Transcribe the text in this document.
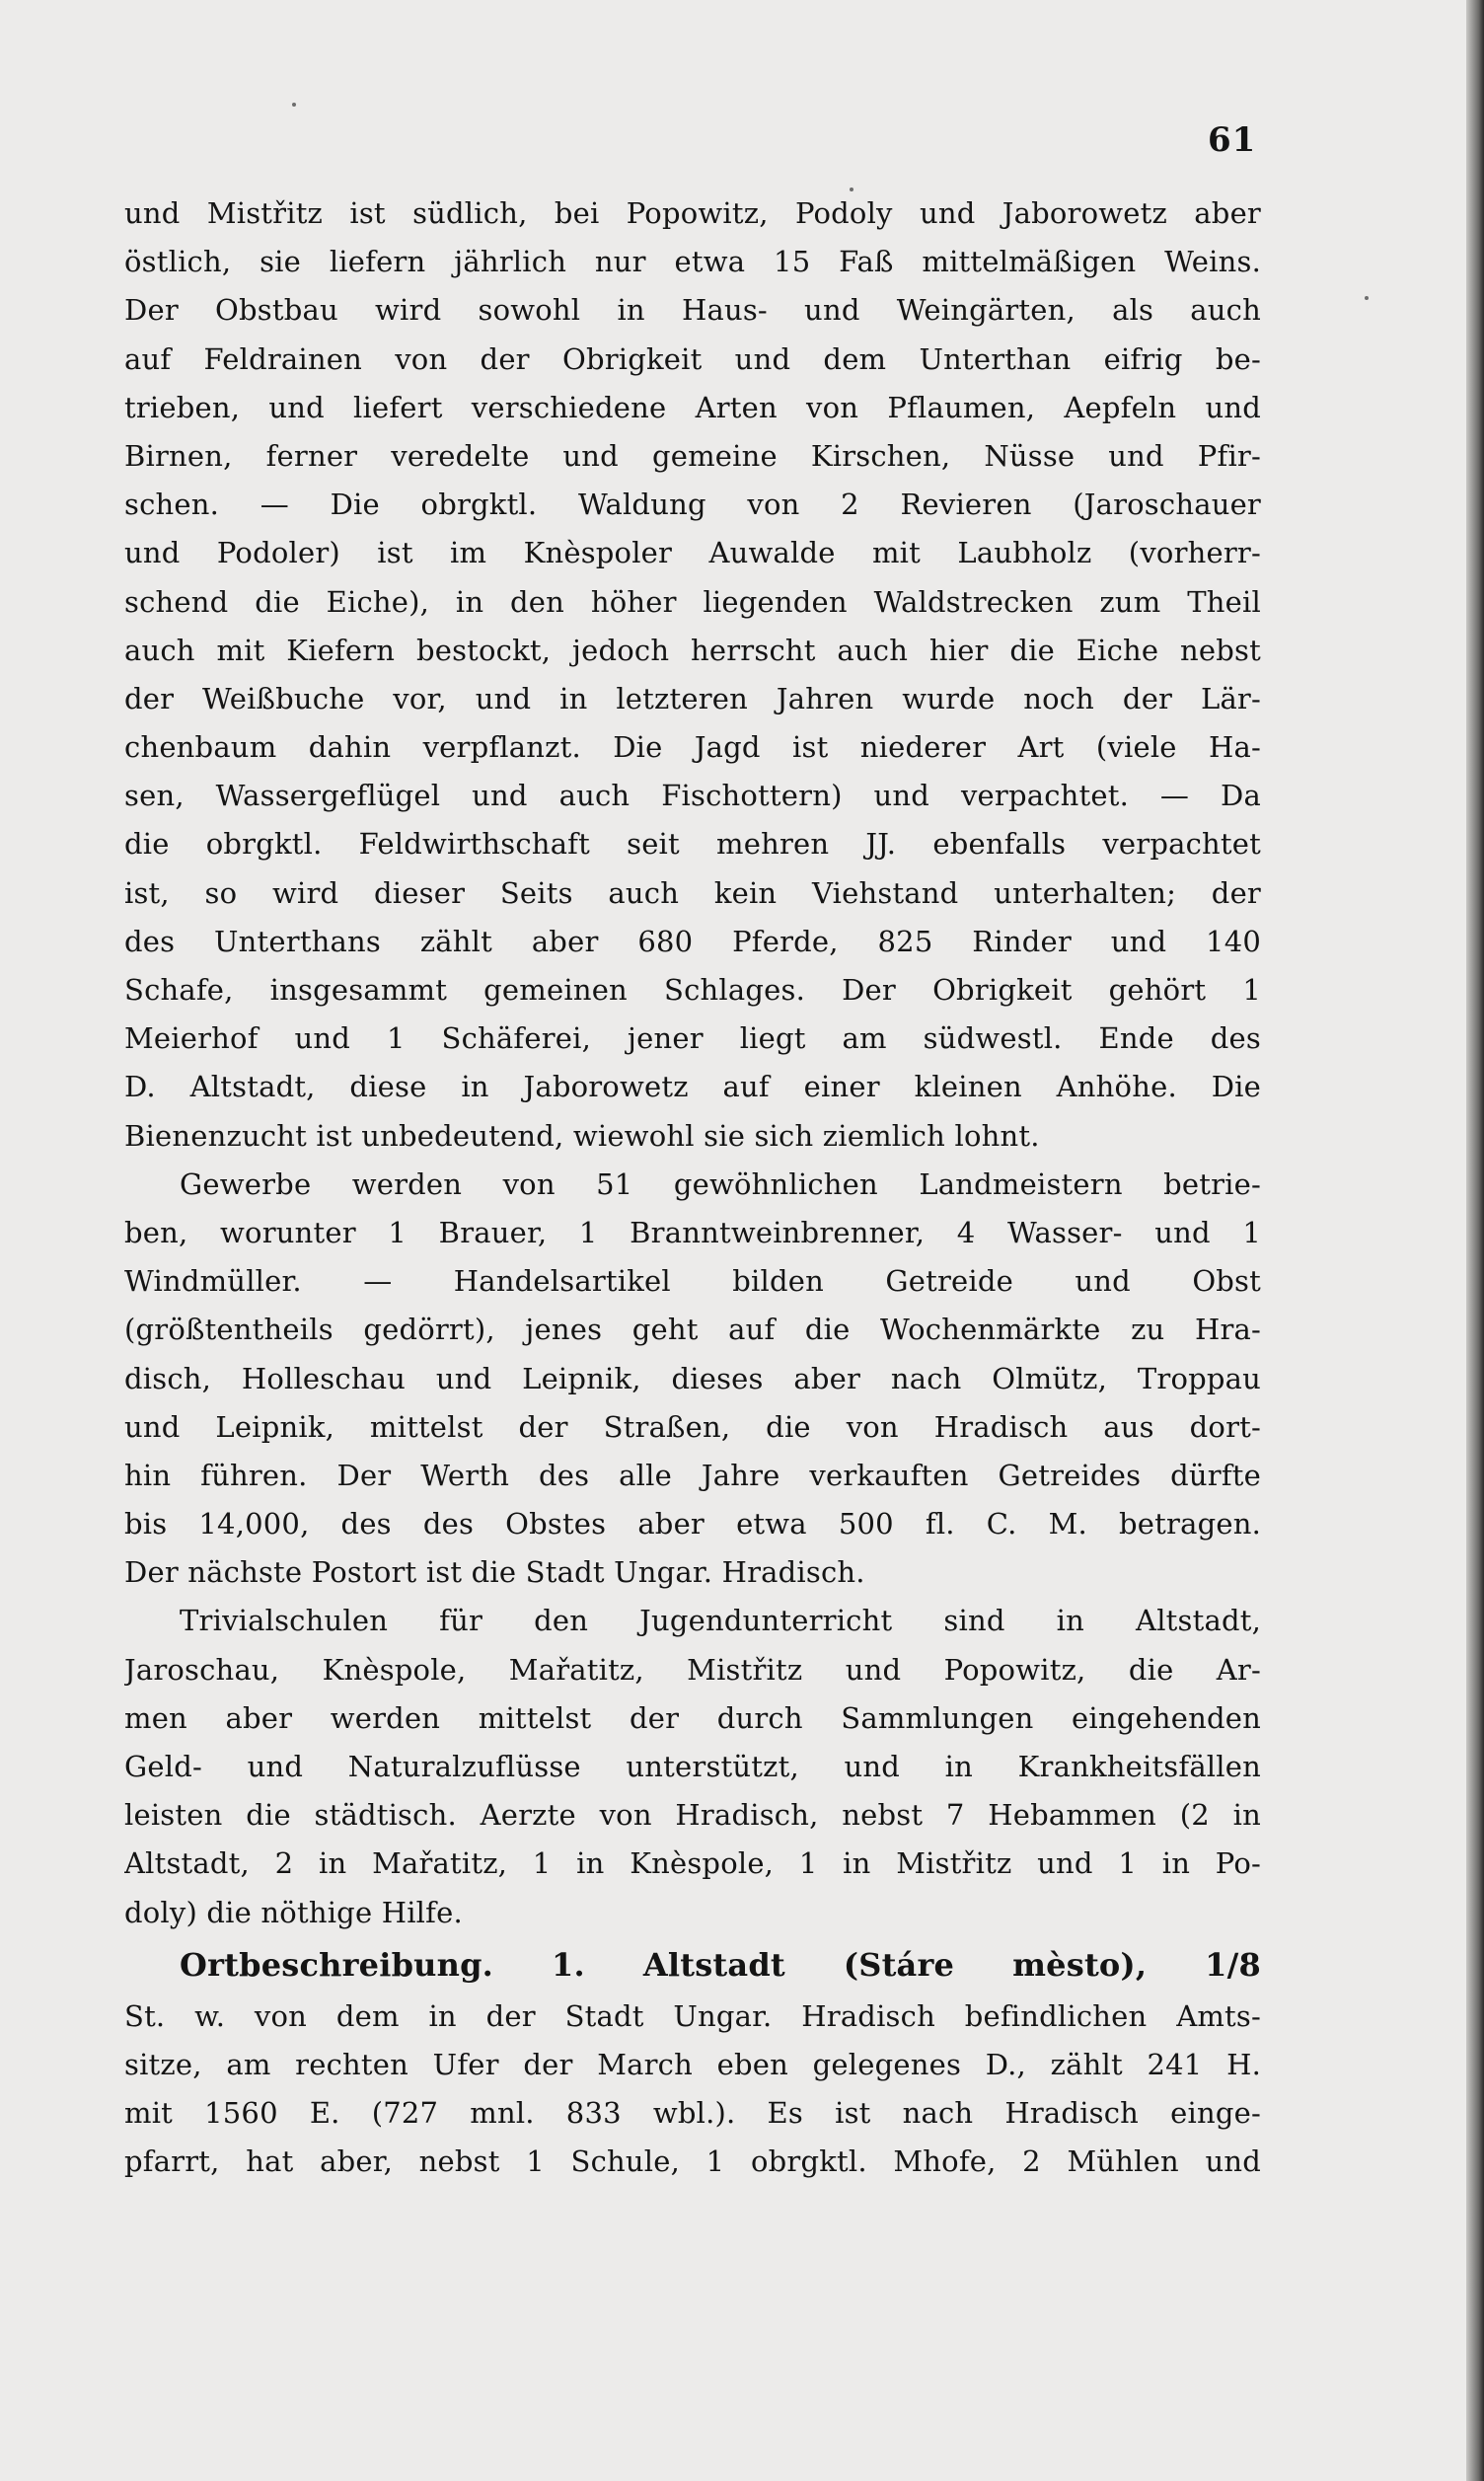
61
und Mistřitz ist südlich, bei Popowitz, Podoly und Jaborowetz aber
östlich, sie liefern jährlich nur etwa 15 Faß mittelmäßigen Weins.
Der Obstbau wird sowohl in Haus- und Weingärten, als auch
auf Feldrainen von der Obrigkeit und dem Unterthan eifrig be-
trieben, und liefert verschiedene Arten von Pflaumen, Aepfeln und
Birnen, ferner veredelte und gemeine Kirschen, Nüsse und Pfir-
schen. — Die obrgktl. Waldung von 2 Revieren (Jaroschauer
und Podoler) ist im Knèspoler Auwalde mit Laubholz (vorherr-
schend die Eiche), in den höher liegenden Waldstrecken zum Theil
auch mit Kiefern bestockt, jedoch herrscht auch hier die Eiche nebst
der Weißbuche vor, und in letzteren Jahren wurde noch der Lär-
chenbaum dahin verpflanzt. Die Jagd ist niederer Art (viele Ha-
sen, Wassergeflügel und auch Fischottern) und verpachtet. — Da
die obrgktl. Feldwirthschaft seit mehren JJ. ebenfalls verpachtet
ist, so wird dieser Seits auch kein Viehstand unterhalten; der
des Unterthans zählt aber 680 Pferde, 825 Rinder und 140
Schafe, insgesammt gemeinen Schlages. Der Obrigkeit gehört 1
Meierhof und 1 Schäferei, jener liegt am südwestl. Ende des
D. Altstadt, diese in Jaborowetz auf einer kleinen Anhöhe. Die
Bienenzucht ist unbedeutend, wiewohl sie sich ziemlich lohnt.
Gewerbe werden von 51 gewöhnlichen Landmeistern betrie-
ben, worunter 1 Brauer, 1 Branntweinbrenner, 4 Wasser- und 1
Windmüller. — Handelsartikel bilden Getreide und Obst
(größtentheils gedörrt), jenes geht auf die Wochenmärkte zu Hra-
disch, Holleschau und Leipnik, dieses aber nach Olmütz, Troppau
und Leipnik, mittelst der Straßen, die von Hradisch aus dort-
hin führen. Der Werth des alle Jahre verkauften Getreides dürfte
bis 14,000, des des Obstes aber etwa 500 fl. C. M. betragen.
Der nächste Postort ist die Stadt Ungar. Hradisch.
Trivialschulen für den Jugendunterricht sind in Altstadt,
Jaroschau, Knèspole, Mařatitz, Mistřitz und Popowitz, die Ar-
men aber werden mittelst der durch Sammlungen eingehenden
Geld- und Naturalzuflüsse unterstützt, und in Krankheitsfällen
leisten die städtisch. Aerzte von Hradisch, nebst 7 Hebammen (2 in
Altstadt, 2 in Mařatitz, 1 in Knèspole, 1 in Mistřitz und 1 in Po-
doly) die nöthige Hilfe.
Ortbeschreibung. 1. Altstadt (Stáre mèsto), 1/8
St. w. von dem in der Stadt Ungar. Hradisch befindlichen Amts-
sitze, am rechten Ufer der March eben gelegenes D., zählt 241 H.
mit 1560 E. (727 mnl. 833 wbl.). Es ist nach Hradisch einge-
pfarrt, hat aber, nebst 1 Schule, 1 obrgktl. Mhofe, 2 Mühlen und
